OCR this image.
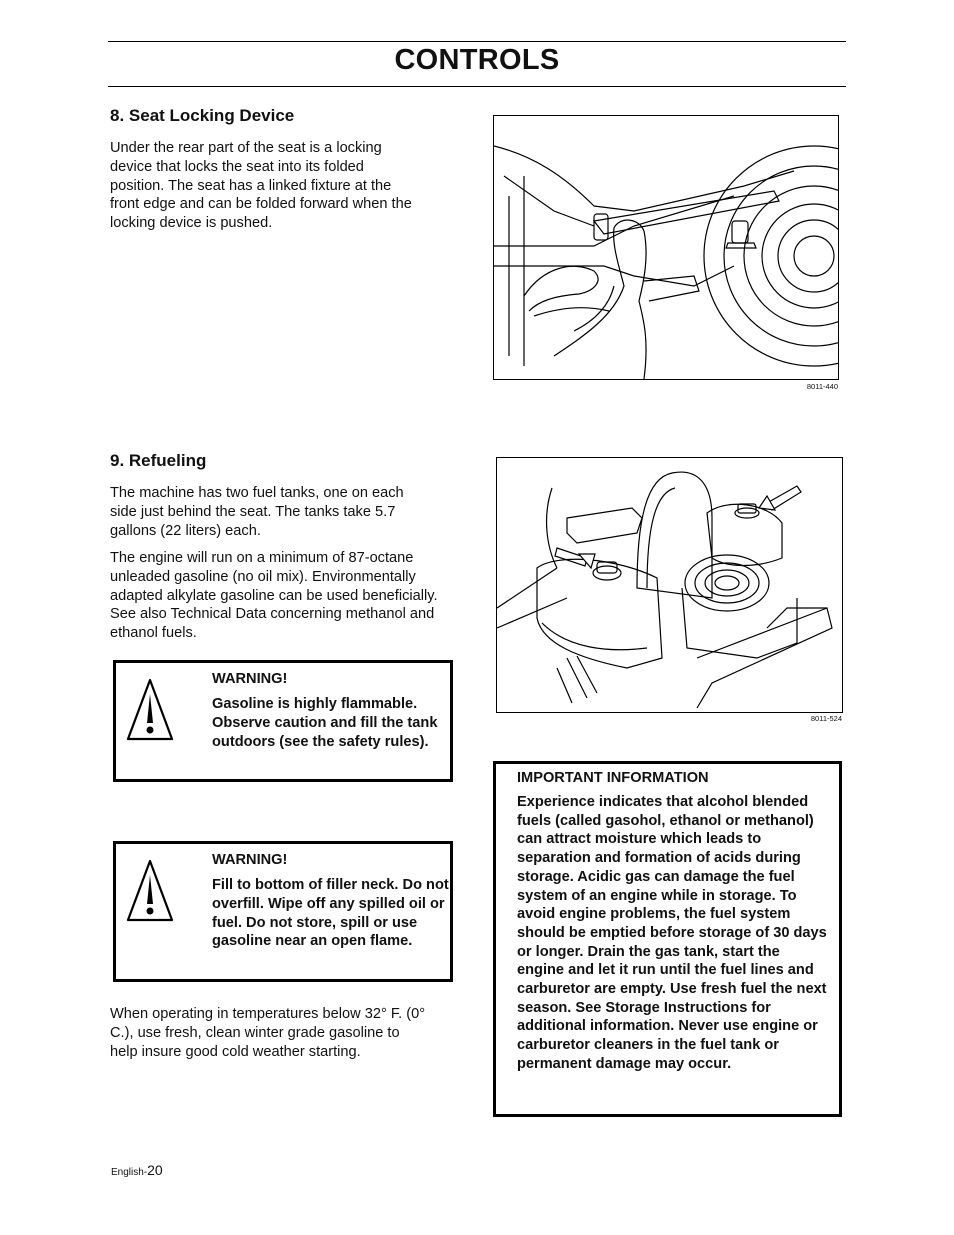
CONTROLS
8. Seat Locking Device

Under the rear part of the seat is a locking device that locks the seat into its folded position. The seat has a linked fixture at the front edge and can be folded forward when the locking device is pushed.

8011-440
9. Refueling

The machine has two fuel tanks, one on each side just behind the seat. The tanks take 5.7 gallons (22 liters) each.

The engine will run on a minimum of 87-octane unleaded gasoline (no oil mix). Environmentally adapted alkylate gasoline can be used beneficially. See also Technical Data concerning methanol and ethanol fuels.

8011-524
WARNING!

Gasoline is highly flammable. Observe caution and fill the tank outdoors (see the safety rules).

WARNING!

Fill to bottom of filler neck. Do not overfill. Wipe off any spilled oil or fuel. Do not store, spill or use gasoline near an open flame.

When operating in temperatures below 32° F. (0° C.), use fresh, clean winter grade gasoline to help insure good cold weather starting.

IMPORTANT INFORMATION

Experience indicates that alcohol blended fuels (called gasohol, ethanol or methanol) can attract moisture which leads to separation and formation of acids during storage. Acidic gas can damage the fuel system of an engine while in storage. To avoid engine problems, the fuel system should be emptied before storage of 30 days or longer. Drain the gas tank, start the engine and let it run until the fuel lines and carburetor are empty. Use fresh fuel the next season. See Storage Instructions for additional information. Never use engine or carburetor cleaners in the fuel tank or permanent damage may occur.

English-20
